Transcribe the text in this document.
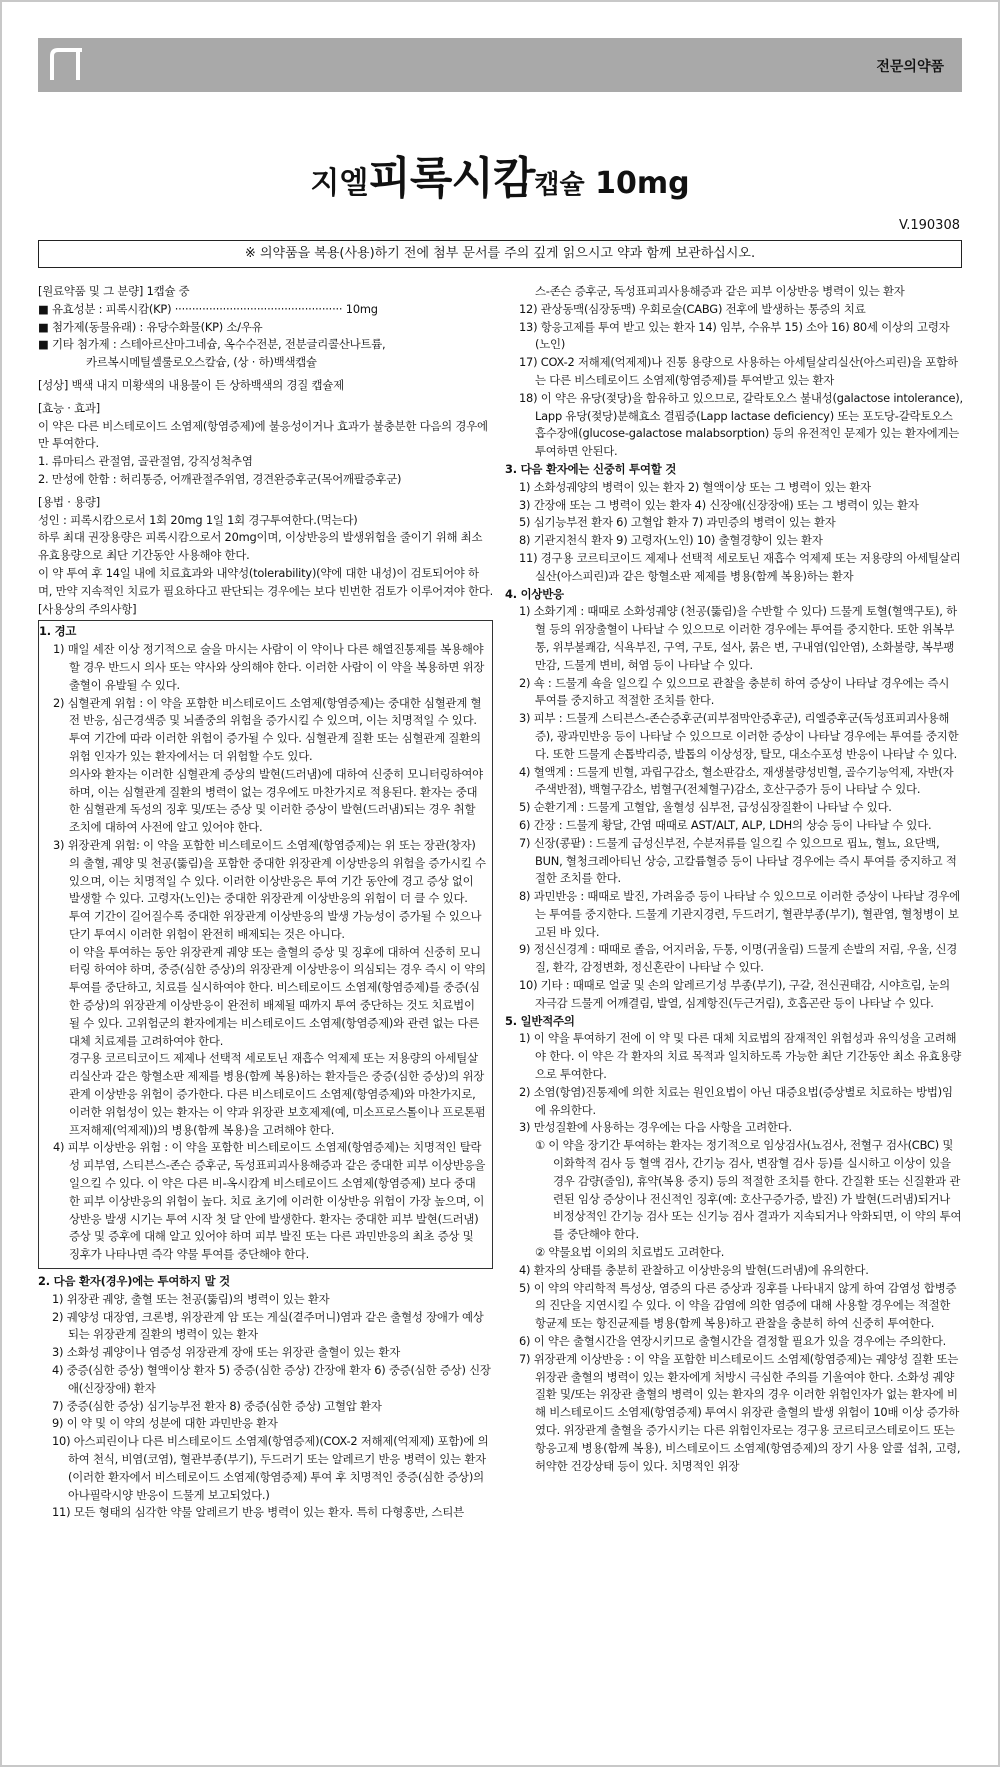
전문의약품
지엘피록시캄캡슐 10mg
V.190308
※ 의약품을 복용(사용)하기 전에 첨부 문서를 주의 깊게 읽으시고 약과 함께 보관하십시오.

[원료약품 및 그 분량] 1캡슐 중

■ 유효성분 : 피록시캄(KP) ················································· 10mg

■ 첨가제(동물유래) : 유당수화물(KP) 소/우유

■ 기타 첨가제 : 스테아르산마그네슘, 옥수수전분, 전분글리콜산나트륨,

카르복시메틸셀룰로오스칼슘, (상 · 하)백색캡슐

[성상] 백색 내지 미황색의 내용물이 든 상하백색의 경질 캡슐제

[효능 · 효과]

이 약은 다른 비스테로이드 소염제(항염증제)에 불응성이거나 효과가 불충분한 다음의 경우에만 투여한다.

1. 류마티스 관절염, 골관절염, 강직성척추염

2. 만성에 한함 : 허리통증, 어깨관절주위염, 경견완증후군(목어깨팔증후군)

[용법 · 용량]

성인 : 피록시캄으로서 1회 20mg 1일 1회 경구투여한다.(먹는다)

하루 최대 권장용량은 피록시캄으로서 20mg이며, 이상반응의 발생위험을 줄이기 위해 최소 유효용량으로 최단 기간동안 사용해야 한다.

이 약 투여 후 14일 내에 치료효과와 내약성(tolerability)(약에 대한 내성)이 검토되어야 하며, 만약 지속적인 치료가 필요하다고 판단되는 경우에는 보다 빈번한 검토가 이루어져야 한다.

[사용상의 주의사항]

1. 경고

1) 매일 세잔 이상 정기적으로 술을 마시는 사람이 이 약이나 다른 해열진통제를 복용해야 할 경우 반드시 의사 또는 약사와 상의해야 한다. 이러한 사람이 이 약을 복용하면 위장 출혈이 유발될 수 있다.

2) 심혈관계 위험 : 이 약을 포함한 비스테로이드 소염제(항염증제)는 중대한 심혈관계 혈전 반응, 심근경색증 및 뇌졸중의 위험을 증가시킬 수 있으며, 이는 치명적일 수 있다. 투여 기간에 따라 이러한 위험이 증가될 수 있다. 심혈관계 질환 또는 심혈관계 질환의 위험 인자가 있는 환자에서는 더 위험할 수도 있다.

의사와 환자는 이러한 심혈관계 증상의 발현(드러냄)에 대하여 신중히 모니터링하여야 하며, 이는 심혈관계 질환의 병력이 없는 경우에도 마찬가지로 적용된다. 환자는 중대한 심혈관계 독성의 징후 및/또는 증상 및 이러한 증상이 발현(드러냄)되는 경우 취할 조치에 대하여 사전에 알고 있어야 한다.

3) 위장관계 위험: 이 약을 포함한 비스테로이드 소염제(항염증제)는 위 또는 장관(창자)의 출혈, 궤양 및 천공(뚫림)을 포함한 중대한 위장관계 이상반응의 위험을 증가시킬 수 있으며, 이는 치명적일 수 있다. 이러한 이상반응은 투여 기간 동안에 경고 증상 없이 발생할 수 있다. 고령자(노인)는 중대한 위장관계 이상반응의 위험이 더 클 수 있다.

투여 기간이 길어질수록 중대한 위장관계 이상반응의 발생 가능성이 증가될 수 있으나 단기 투여시 이러한 위험이 완전히 배제되는 것은 아니다.

이 약을 투여하는 동안 위장관계 궤양 또는 출혈의 증상 및 징후에 대하여 신중히 모니터링 하여야 하며, 중증(심한 증상)의 위장관계 이상반응이 의심되는 경우 즉시 이 약의 투여를 중단하고, 치료를 실시하여야 한다. 비스테로이드 소염제(항염증제)를 중증(심한 증상)의 위장관계 이상반응이 완전히 배제될 때까지 투여 중단하는 것도 치료법이 될 수 있다. 고위험군의 환자에게는 비스테로이드 소염제(항염증제)와 관련 없는 다른 대체 치료제를 고려하여야 한다.

경구용 코르티코이드 제제나 선택적 세로토닌 재흡수 억제제 또는 저용량의 아세틸살리실산과 같은 항혈소판 제제를 병용(함께 복용)하는 환자들은 중증(심한 증상)의 위장관계 이상반응 위험이 증가한다. 다른 비스테로이드 소염제(항염증제)와 마찬가지로, 이러한 위험성이 있는 환자는 이 약과 위장관 보호제제(예, 미소프로스톨이나 프로톤펌프저해제(억제제))의 병용(함께 복용)을 고려해야 한다.

4) 피부 이상반응 위험 : 이 약을 포함한 비스테로이드 소염제(항염증제)는 치명적인 탈락성 피부염, 스티븐스-존슨 증후군, 독성표피괴사용해증과 같은 중대한 피부 이상반응을 일으킬 수 있다. 이 약은 다른 비-옥시캄계 비스테로이드 소염제(항염증제) 보다 중대한 피부 이상반응의 위험이 높다. 치료 초기에 이러한 이상반응 위험이 가장 높으며, 이상반응 발생 시기는 투여 시작 첫 달 안에 발생한다. 환자는 중대한 피부 발현(드러냄) 증상 및 증후에 대해 알고 있어야 하며 피부 발진 또는 다른 과민반응의 최초 증상 및 징후가 나타나면 즉각 약물 투여를 중단해야 한다.

2. 다음 환자(경우)에는 투여하지 말 것

1) 위장관 궤양, 출혈 또는 천공(뚫림)의 병력이 있는 환자

2) 궤양성 대장염, 크론병, 위장관계 암 또는 게실(곁주머니)염과 같은 출혈성 장애가 예상되는 위장관계 질환의 병력이 있는 환자

3) 소화성 궤양이나 염증성 위장관계 장애 또는 위장관 출혈이 있는 환자

4) 중증(심한 증상) 혈액이상 환자 5) 중증(심한 증상) 간장애 환자 6) 중증(심한 증상) 신장애(신장장애) 환자

7) 중증(심한 증상) 심기능부전 환자 8) 중증(심한 증상) 고혈압 환자

9) 이 약 및 이 약의 성분에 대한 과민반응 환자

10) 아스피린이나 다른 비스테로이드 소염제(항염증제)(COX-2 저해제(억제제) 포함)에 의하여 천식, 비염(코염), 혈관부종(부기), 두드러기 또는 알레르기 반응 병력이 있는 환자(이러한 환자에서 비스테로이드 소염제(항염증제) 투여 후 치명적인 중증(심한 증상)의 아나필락시양 반응이 드물게 보고되었다.)

11) 모든 형태의 심각한 약물 알레르기 반응 병력이 있는 환자. 특히 다형홍반, 스티븐

스-존슨 증후군, 독성표피괴사용해증과 같은 피부 이상반응 병력이 있는 환자

12) 관상동맥(심장동맥) 우회로술(CABG) 전후에 발생하는 통증의 치료

13) 항응고제를 투여 받고 있는 환자 14) 임부, 수유부 15) 소아 16) 80세 이상의 고령자(노인)

17) COX-2 저해제(억제제)나 진통 용량으로 사용하는 아세틸살리실산(아스피린)을 포함하는 다른 비스테로이드 소염제(항염증제)를 투여받고 있는 환자

18) 이 약은 유당(젖당)을 함유하고 있으므로, 갈락토오스 불내성(galactose intolerance), Lapp 유당(젖당)분해효소 결핍증(Lapp lactase deficiency) 또는 포도당-갈락토오스 흡수장애(glucose-galactose malabsorption) 등의 유전적인 문제가 있는 환자에게는 투여하면 안된다.

3. 다음 환자에는 신중히 투여할 것

1) 소화성궤양의 병력이 있는 환자 2) 혈액이상 또는 그 병력이 있는 환자

3) 간장애 또는 그 병력이 있는 환자 4) 신장애(신장장애) 또는 그 병력이 있는 환자

5) 심기능부전 환자 6) 고혈압 환자 7) 과민증의 병력이 있는 환자

8) 기관지천식 환자 9) 고령자(노인) 10) 출혈경향이 있는 환자

11) 경구용 코르티코이드 제제나 선택적 세로토닌 재흡수 억제제 또는 저용량의 아세틸살리실산(아스피린)과 같은 항혈소판 제제를 병용(함께 복용)하는 환자

4. 이상반응

1) 소화기계 : 때때로 소화성궤양 (천공(뚫림)을 수반할 수 있다) 드물게 토혈(혈액구토), 하혈 등의 위장출혈이 나타날 수 있으므로 이러한 경우에는 투여를 중지한다. 또한 위복부통, 위부불쾌감, 식욕부진, 구역, 구토, 설사, 묽은 변, 구내염(입안염), 소화불량, 복부팽만감, 드물게 변비, 혀염 등이 나타날 수 있다.

2) 쇽 : 드물게 쇽을 일으킬 수 있으므로 관찰을 충분히 하여 증상이 나타날 경우에는 즉시 투여를 중지하고 적절한 조치를 한다.

3) 피부 : 드물게 스티븐스-존슨증후군(피부점막안증후군), 리엘증후군(독성표피괴사용해증), 광과민반응 등이 나타날 수 있으므로 이러한 증상이 나타날 경우에는 투여를 중지한다. 또한 드물게 손톱박리증, 발톱의 이상성장, 탈모, 대소수포성 반응이 나타날 수 있다.

4) 혈액계 : 드물게 빈혈, 과립구감소, 혈소판감소, 재생불량성빈혈, 골수기능억제, 자반(자주색반점), 백혈구감소, 범혈구(전체혈구)감소, 호산구증가 등이 나타날 수 있다.

5) 순환기계 : 드물게 고혈압, 울혈성 심부전, 급성심장질환이 나타날 수 있다.

6) 간장 : 드물게 황달, 간염 때때로 AST/ALT, ALP, LDH의 상승 등이 나타날 수 있다.

7) 신장(콩팥) : 드물게 급성신부전, 수분저류를 일으킬 수 있으므로 핍뇨, 혈뇨, 요단백, BUN, 혈청크레아티닌 상승, 고칼륨혈증 등이 나타날 경우에는 즉시 투여를 중지하고 적절한 조치를 한다.

8) 과민반응 : 때때로 발진, 가려움증 등이 나타날 수 있으므로 이러한 증상이 나타날 경우에는 투여를 중지한다. 드물게 기관지경련, 두드러기, 혈관부종(부기), 혈관염, 혈청병이 보고된 바 있다.

9) 정신신경계 : 때때로 졸음, 어지러움, 두통, 이명(귀울림) 드물게 손발의 저림, 우울, 신경질, 환각, 감정변화, 정신혼란이 나타날 수 있다.

10) 기타 : 때때로 얼굴 및 손의 알레르기성 부종(부기), 구갈, 전신권태감, 시야흐림, 눈의 자극감 드물게 어깨결림, 발열, 심계항진(두근거림), 호흡곤란 등이 나타날 수 있다.

5. 일반적주의

1) 이 약을 투여하기 전에 이 약 및 다른 대체 치료법의 잠재적인 위험성과 유익성을 고려해야 한다. 이 약은 각 환자의 치료 목적과 일치하도록 가능한 최단 기간동안 최소 유효용량으로 투여한다.

2) 소염(항염)진통제에 의한 치료는 원인요법이 아닌 대증요법(증상별로 치료하는 방법)임에 유의한다.

3) 만성질환에 사용하는 경우에는 다음 사항을 고려한다.

① 이 약을 장기간 투여하는 환자는 정기적으로 임상검사(뇨검사, 전혈구 검사(CBC) 및 이화학적 검사 등 혈액 검사, 간기능 검사, 변잠혈 검사 등)를 실시하고 이상이 있을 경우 감량(줄임), 휴약(복용 중지) 등의 적절한 조치를 한다. 간질환 또는 신질환과 관련된 임상 증상이나 전신적인 징후(예: 호산구증가증, 발진) 가 발현(드러냄)되거나 비정상적인 간기능 검사 또는 신기능 검사 결과가 지속되거나 악화되면, 이 약의 투여를 중단해야 한다.

② 약물요법 이외의 치료법도 고려한다.

4) 환자의 상태를 충분히 관찰하고 이상반응의 발현(드러냄)에 유의한다.

5) 이 약의 약리학적 특성상, 염증의 다른 증상과 징후를 나타내지 않게 하여 감염성 합병증의 진단을 지연시킬 수 있다. 이 약을 감염에 의한 염증에 대해 사용할 경우에는 적절한 항균제 또는 항진균제를 병용(함께 복용)하고 관찰을 충분히 하여 신중히 투여한다.

6) 이 약은 출혈시간을 연장시키므로 출혈시간을 결정할 필요가 있을 경우에는 주의한다.

7) 위장관계 이상반응 : 이 약을 포함한 비스테로이드 소염제(항염증제)는 궤양성 질환 또는 위장관 출혈의 병력이 있는 환자에게 처방시 극심한 주의를 기울여야 한다. 소화성 궤양 질환 및/또는 위장관 출혈의 병력이 있는 환자의 경우 이러한 위험인자가 없는 환자에 비해 비스테로이드 소염제(항염증제) 투여시 위장관 출혈의 발생 위험이 10배 이상 증가하였다. 위장관계 출혈을 증가시키는 다른 위험인자로는 경구용 코르티코스테로이드 또는 항응고제 병용(함께 복용), 비스테로이드 소염제(항염증제)의 장기 사용 알콜 섭취, 고령, 허약한 건강상태 등이 있다. 치명적인 위장
